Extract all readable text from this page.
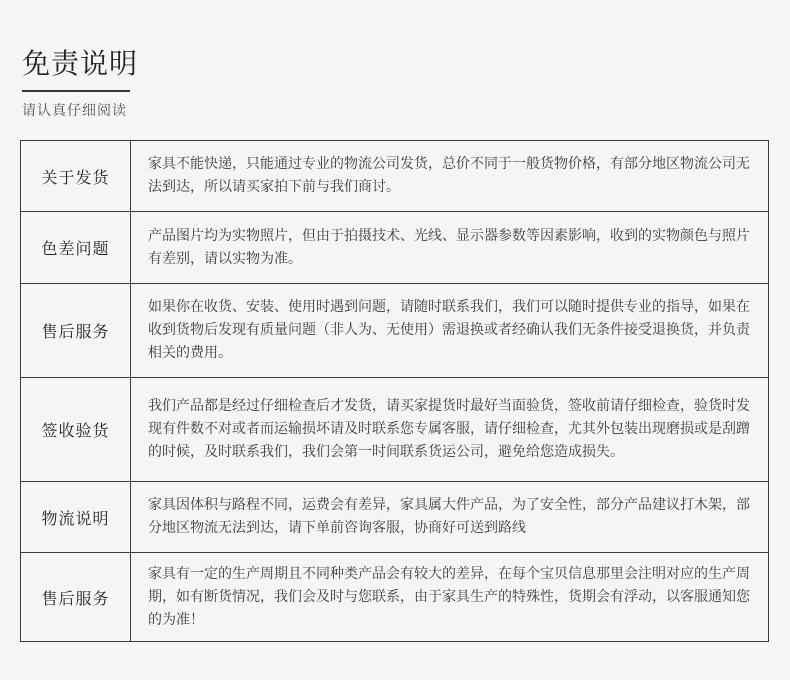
免责说明
请认真仔细阅读
关于发货	家具不能快递，只能通过专业的物流公司发货，总价不同于一般货物价格，有部分地区物流公司无法到达，所以请买家拍下前与我们商讨。
色差问题	产品图片均为实物照片，但由于拍摄技术、光线、显示器参数等因素影响，收到的实物颜色与照片有差别，请以实物为准。
售后服务	如果你在收货、安装、使用时遇到问题，请随时联系我们，我们可以随时提供专业的指导，如果在收到货物后发现有质量问题（非人为、无使用）需退换或者经确认我们无条件接受退换货，并负责相关的费用。
签收验货	我们产品都是经过仔细检查后才发货，请买家提货时最好当面验货，签收前请仔细检查，验货时发现有件数不对或者而运输损坏请及时联系您专属客服，请仔细检查，尤其外包装出现磨损或是刮蹭的时候，及时联系我们，我们会第一时间联系货运公司，避免给您造成损失。
物流说明	家具因体积与路程不同，运费会有差异，家具属大件产品，为了安全性，部分产品建议打木架，部分地区物流无法到达，请下单前咨询客服，协商好可送到路线
售后服务	家具有一定的生产周期且不同种类产品会有较大的差异，在每个宝贝信息那里会注明对应的生产周期，如有断货情况，我们会及时与您联系，由于家具生产的特殊性，货期会有浮动，以客服通知您的为准！
